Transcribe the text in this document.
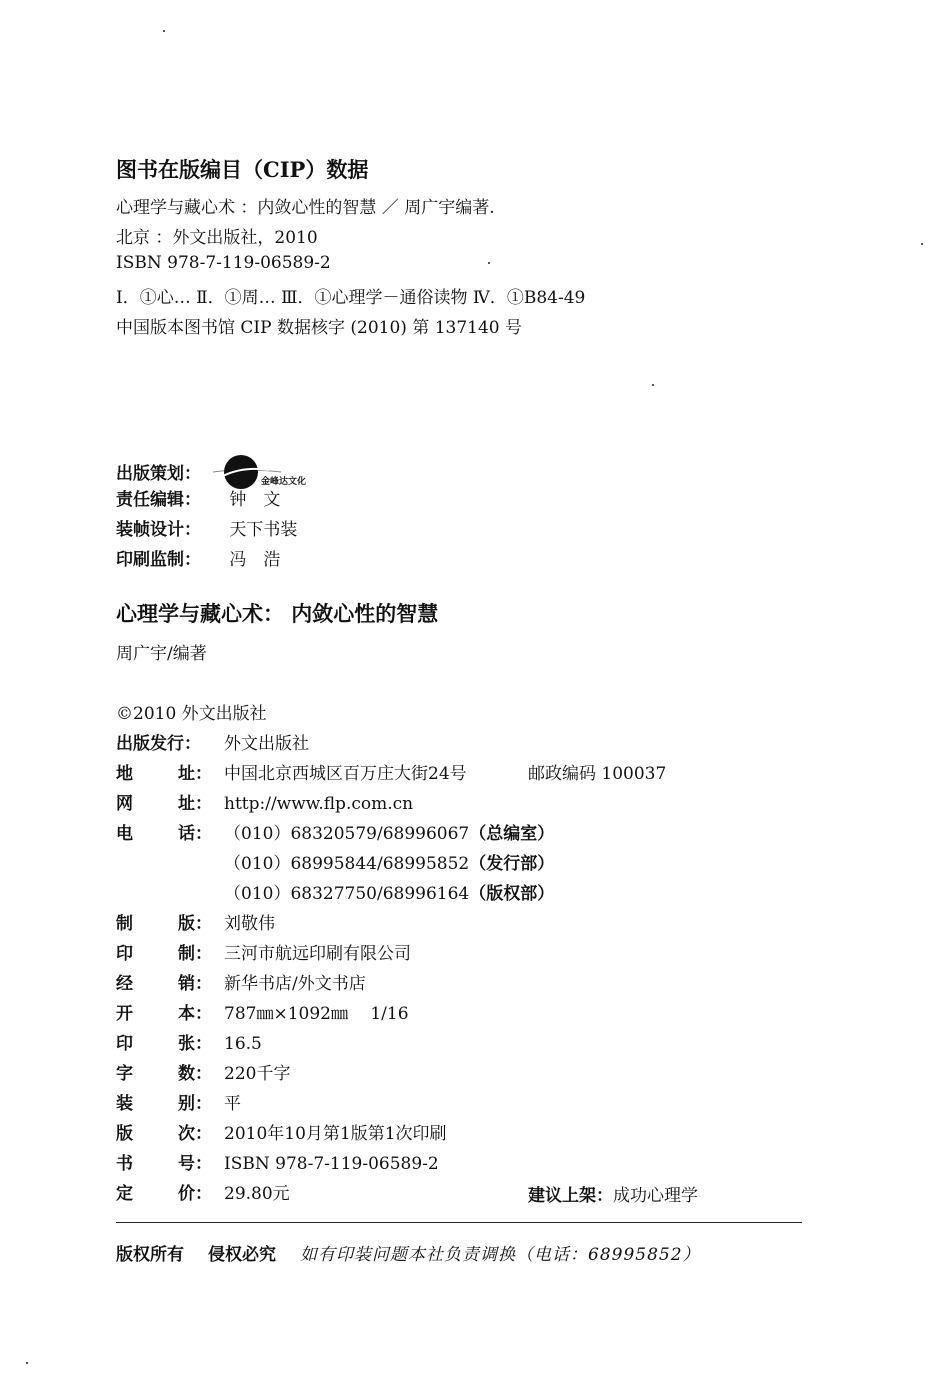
图书在版编目（CIP）数据
心理学与藏心术 ：内敛心性的智慧 ／ 周广宇编著.
北京 ：外文出版社，2010
ISBN 978-7-119-06589-2
Ⅰ．①心… Ⅱ．①周… Ⅲ．①心理学－通俗读物 Ⅳ．①B84-49
中国版本图书馆 CIP 数据核字 (2010) 第 137140 号
出版策划：	金峰达文化
责任编辑： 钟　文
装帧设计： 天下书装
印刷监制： 冯　浩
心理学与藏心术： 内敛心性的智慧
周广宇/编著
©2010 外文出版社
出版发行： 外文出版社
地	址： 中国北京西城区百万庄大街24号	邮政编码 100037
网	址： http://www.flp.com.cn
电	话： （010）68320579/68996067（总编室）
（010）68995844/68995852（发行部）
（010）68327750/68996164（版权部）
制	版： 刘敬伟
印	制： 三河市航远印刷有限公司
经	销： 新华书店/外文书店
开	本： 787㎜×1092㎜　 1/16
印	张： 16.5
字	数： 220千字
装	别： 平
版	次： 2010年10月第1版第1次印刷
书	号： ISBN 978-7-119-06589-2
定	价： 29.80元	建议上架：成功心理学
版权所有 侵权必究 如有印装问题本社负责调换（电话：68995852）
